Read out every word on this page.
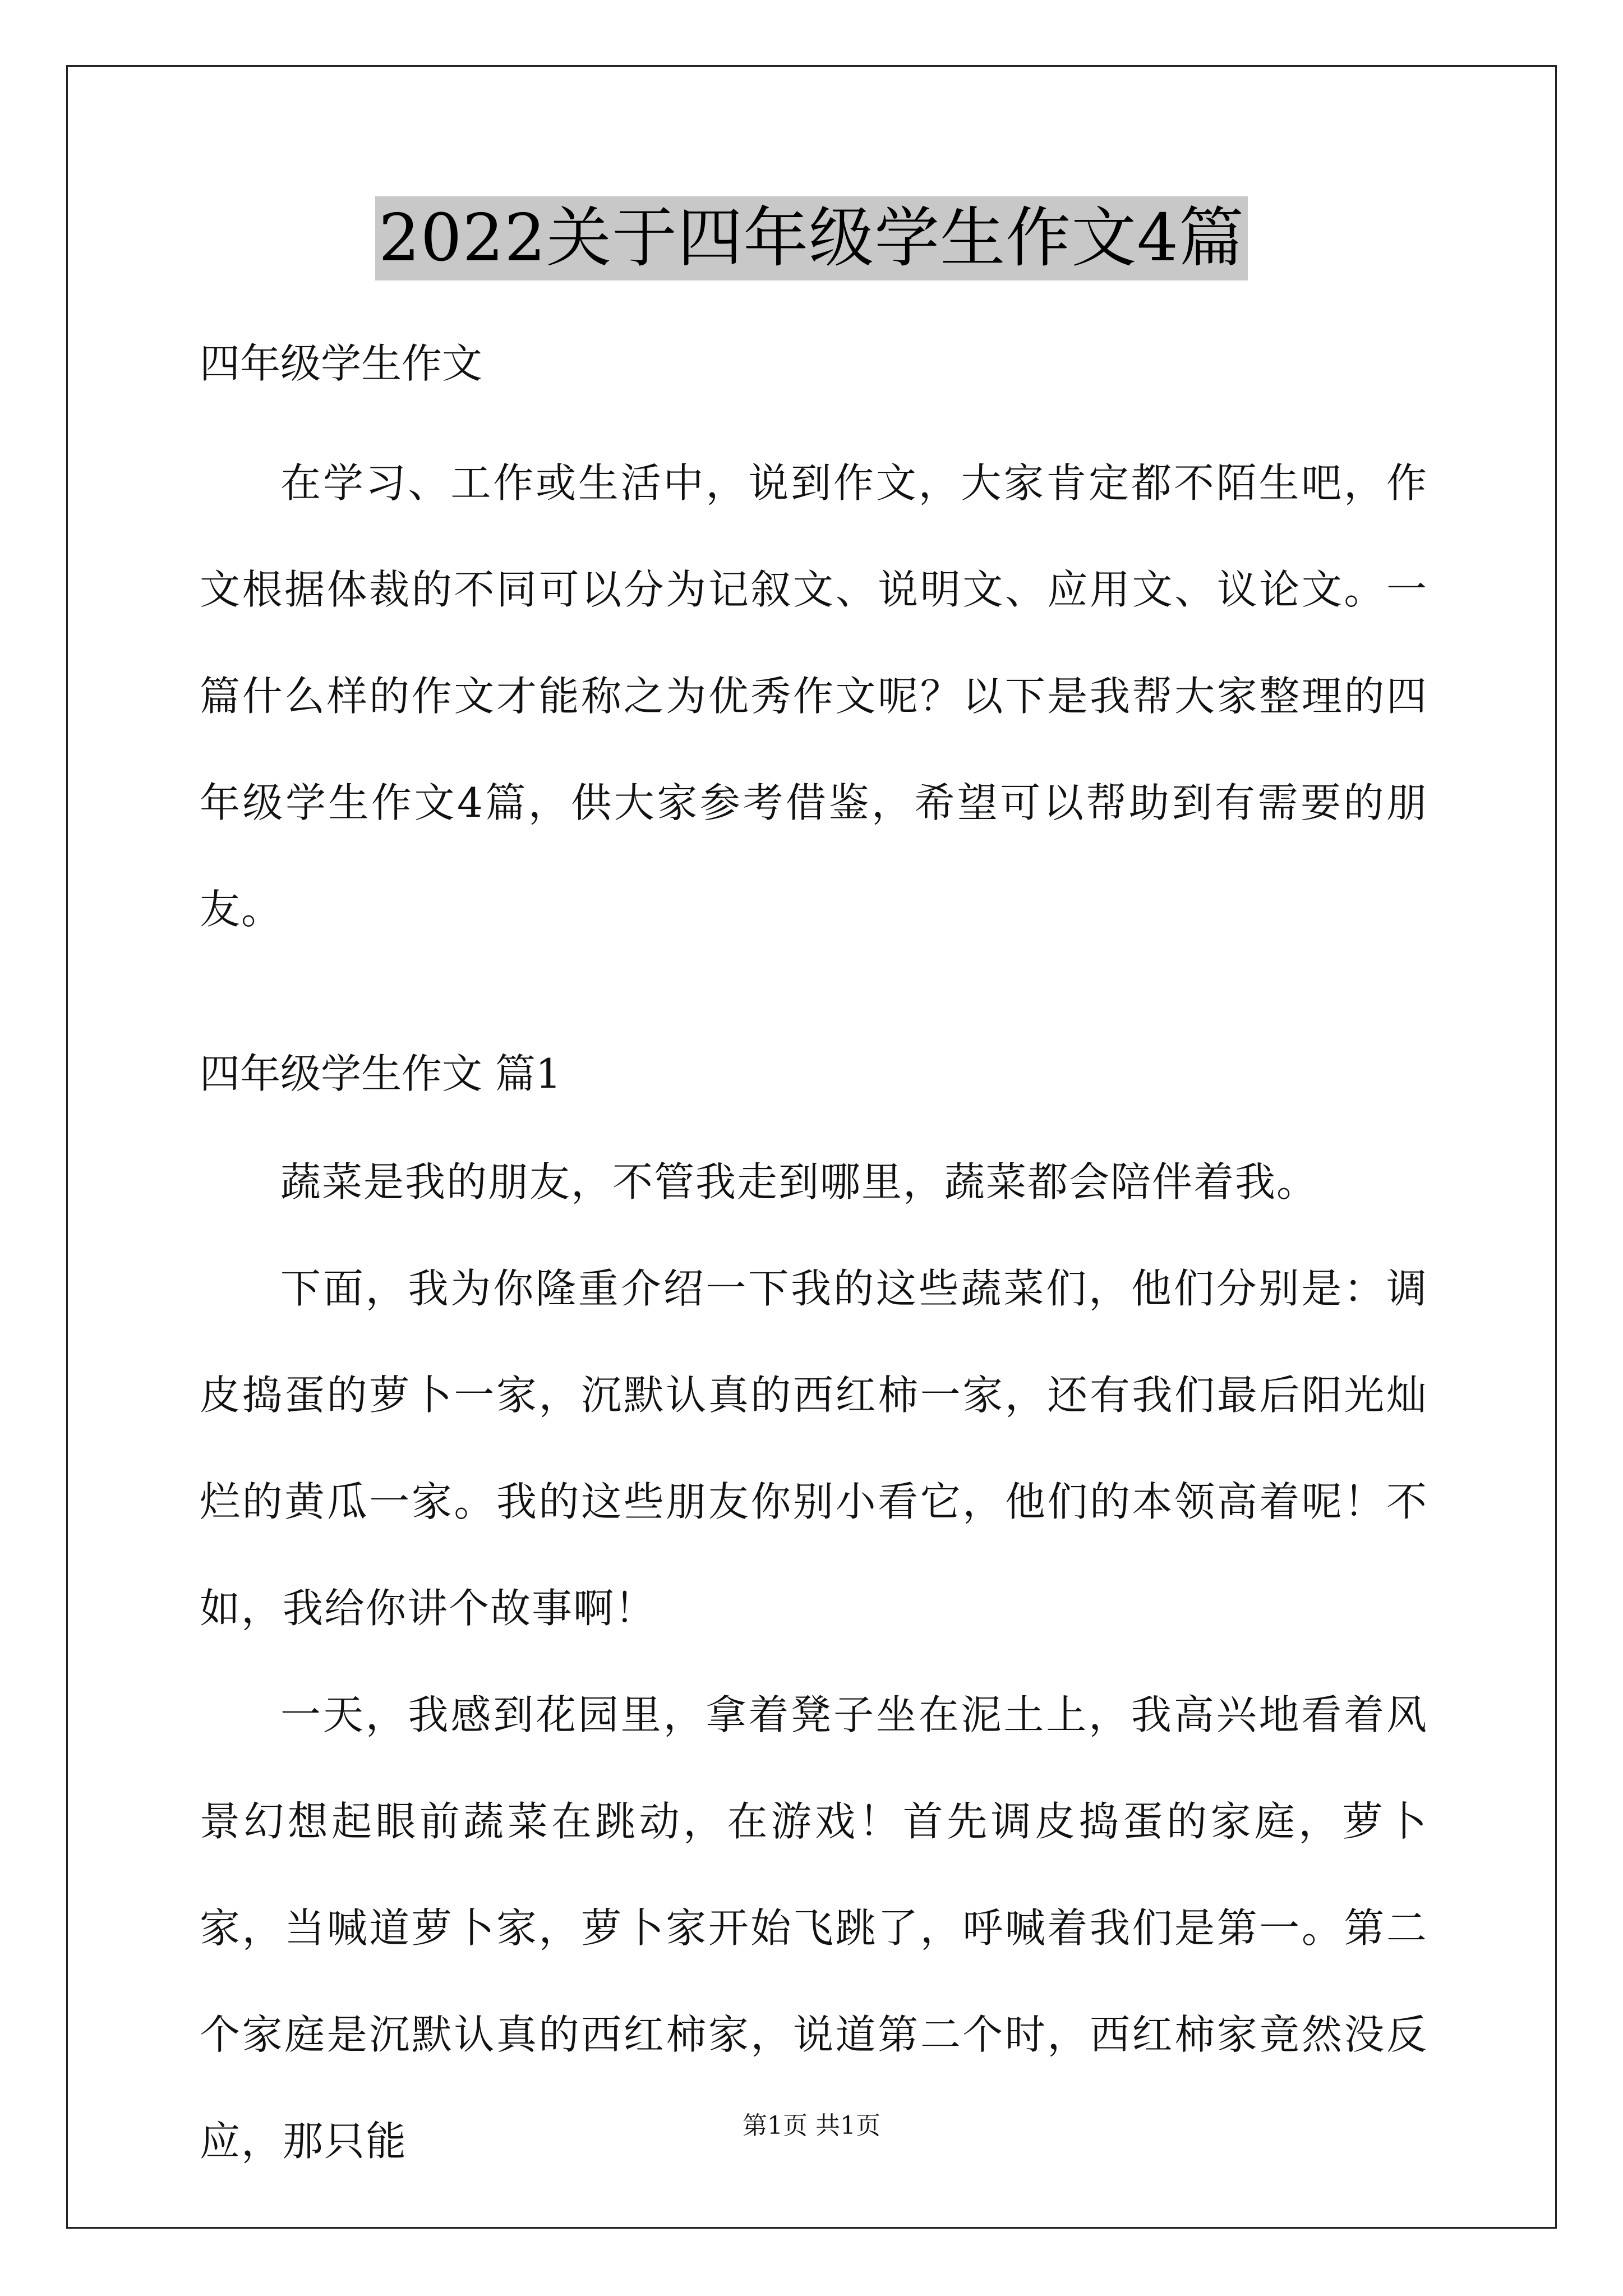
2022关于四年级学生作文4篇

四年级学生作文

在学习、工作或生活中，说到作文，大家肯定都不陌生吧，作文根据体裁的不同可以分为记叙文、说明文、应用文、议论文。一篇什么样的作文才能称之为优秀作文呢？以下是我帮大家整理的四年级学生作文4篇，供大家参考借鉴，希望可以帮助到有需要的朋友。

四年级学生作文 篇1

蔬菜是我的朋友，不管我走到哪里，蔬菜都会陪伴着我。

下面，我为你隆重介绍一下我的这些蔬菜们，他们分别是：调皮捣蛋的萝卜一家，沉默认真的西红柿一家，还有我们最后阳光灿烂的黄瓜一家。我的这些朋友你别小看它，他们的本领高着呢！不如，我给你讲个故事啊！

一天，我感到花园里，拿着凳子坐在泥土上，我高兴地看着风景幻想起眼前蔬菜在跳动，在游戏！首先调皮捣蛋的家庭，萝卜家，当喊道萝卜家，萝卜家开始飞跳了，呼喊着我们是第一。第二个家庭是沉默认真的西红柿家，说道第二个时，西红柿家竟然没反应，那只能	第1页 共1页
